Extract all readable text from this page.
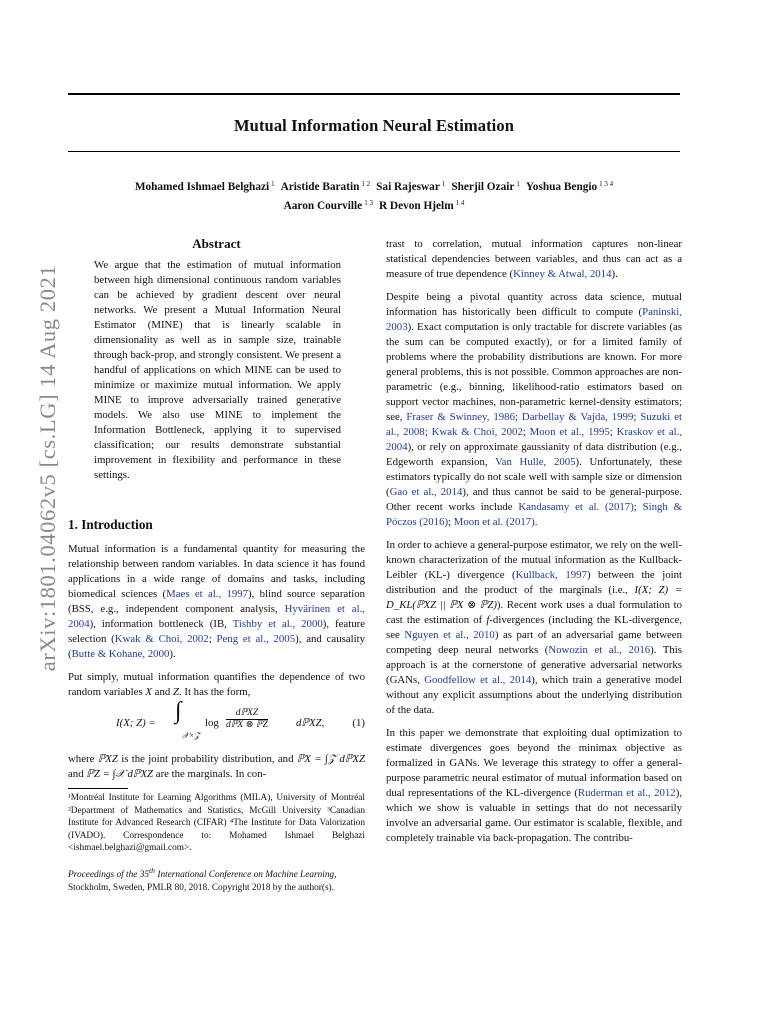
Mutual Information Neural Estimation
Mohamed Ishmael Belghazi $^1$ Aristide Baratin $^{1 2}$ Sai Rajeswar $^1$ Sherjil Ozair $^1$ Yoshua Bengio $^{1 3 4}$
Aaron Courville $^{1 3}$ R Devon Hjelm $^{1 4}$
arXiv:1801.04062v5 [cs.LG] 14 Aug 2021
Abstract

We argue that the estimation of mutual information between high dimensional continuous random variables can be achieved by gradient descent over neural networks. We present a Mutual Information Neural Estimator (MINE) that is linearly scalable in dimensionality as well as in sample size, trainable through back-prop, and strongly consistent. We present a handful of applications on which MINE can be used to minimize or maximize mutual information. We apply MINE to improve adversarially trained generative models. We also use MINE to implement the Information Bottleneck, applying it to supervised classification; our results demonstrate substantial improvement in flexibility and performance in these settings.

1. Introduction

Mutual information is a fundamental quantity for measuring the relationship between random variables. In data science it has found applications in a wide range of domains and tasks, including biomedical sciences (Maes et al., 1997), blind source separation (BSS, e.g., independent component analysis, Hyvärinen et al., 2004), information bottleneck (IB, Tishby et al., 2000), feature selection (Kwak & Choi, 2002; Peng et al., 2005), and causality (Butte & Kohane, 2000).

Put simply, mutual information quantifies the dependence of two random variables X and Z. It has the form,

I(X; Z) = ∫
𝒳×𝒵
log
dℙXZ
dℙX ⊗ ℙZ	dℙXZ,	(1)

where ℙXZ is the joint probability distribution, and ℙX = ∫𝒵 dℙXZ and ℙZ = ∫𝒳 dℙXZ are the marginals. In con-

¹Montréal Institute for Learning Algorithms (MILA), University of Montréal ²Department of Mathematics and Statistics, McGill University ³Canadian Institute for Advanced Research (CIFAR) ⁴The Institute for Data Valorization (IVADO). Correspondence to: Mohamed Ishmael Belghazi <ishmael.belghazi@gmail.com>.

Proceedings of the 35th International Conference on Machine Learning, Stockholm, Sweden, PMLR 80, 2018. Copyright 2018 by the author(s).

trast to correlation, mutual information captures non-linear statistical dependencies between variables, and thus can act as a measure of true dependence (Kinney & Atwal, 2014).

Despite being a pivotal quantity across data science, mutual information has historically been difficult to compute (Paninski, 2003). Exact computation is only tractable for discrete variables (as the sum can be computed exactly), or for a limited family of problems where the probability distributions are known. For more general problems, this is not possible. Common approaches are non-parametric (e.g., binning, likelihood-ratio estimators based on support vector machines, non-parametric kernel-density estimators; see, Fraser & Swinney, 1986; Darbellay & Vajda, 1999; Suzuki et al., 2008; Kwak & Choi, 2002; Moon et al., 1995; Kraskov et al., 2004), or rely on approximate gaussianity of data distribution (e.g., Edgeworth expansion, Van Hulle, 2005). Unfortunately, these estimators typically do not scale well with sample size or dimension (Gao et al., 2014), and thus cannot be said to be general-purpose. Other recent works include Kandasamy et al. (2017); Singh & Póczos (2016); Moon et al. (2017).

In order to achieve a general-purpose estimator, we rely on the well-known characterization of the mutual information as the Kullback-Leibler (KL-) divergence (Kullback, 1997) between the joint distribution and the product of the marginals (i.e., I(X; Z) = D_KL(ℙXZ || ℙX ⊗ ℙZ)). Recent work uses a dual formulation to cast the estimation of f-divergences (including the KL-divergence, see Nguyen et al., 2010) as part of an adversarial game between competing deep neural networks (Nowozin et al., 2016). This approach is at the cornerstone of generative adversarial networks (GANs, Goodfellow et al., 2014), which train a generative model without any explicit assumptions about the underlying distribution of the data.

In this paper we demonstrate that exploiting dual optimization to estimate divergences goes beyond the minimax objective as formalized in GANs. We leverage this strategy to offer a general-purpose parametric neural estimator of mutual information based on dual representations of the KL-divergence (Ruderman et al., 2012), which we show is valuable in settings that do not necessarily involve an adversarial game. Our estimator is scalable, flexible, and completely trainable via back-propagation. The contribu-
